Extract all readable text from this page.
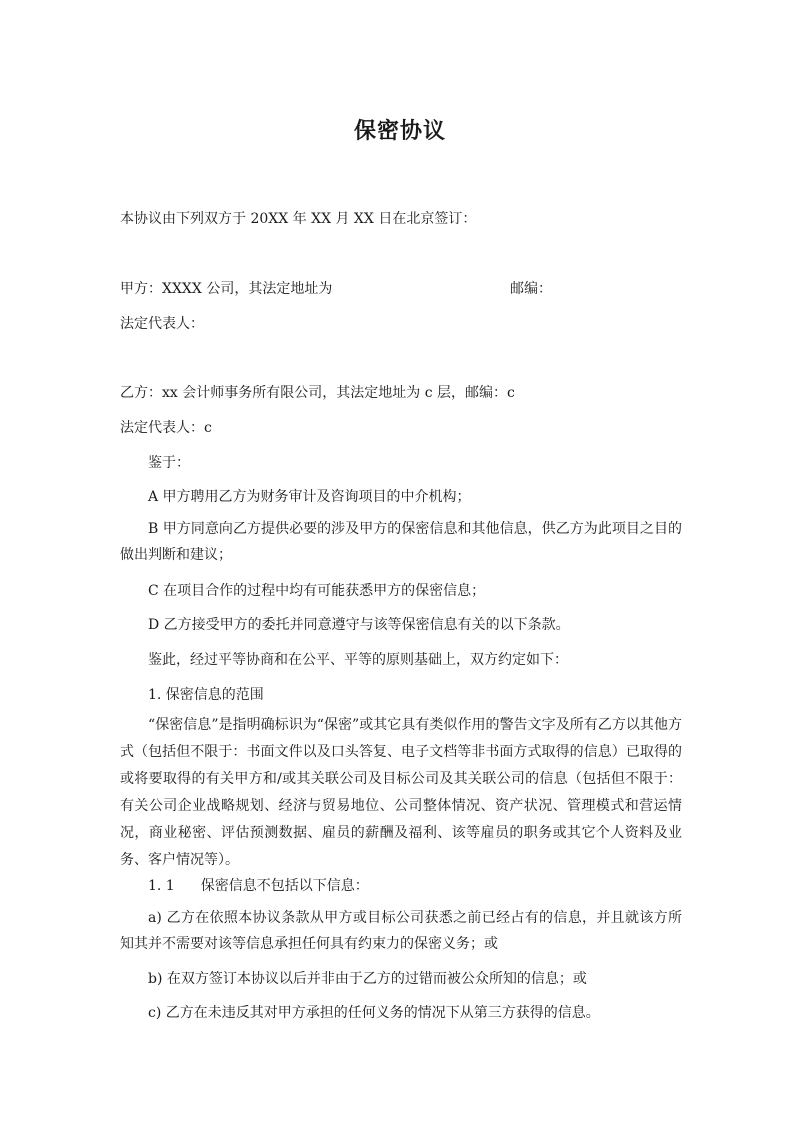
保密协议
本协议由下列双方于 20XX 年 XX 月 XX 日在北京签订：
甲方：XXXX 公司，其法定地址为	邮编：
法定代表人：
乙方：xx 会计师事务所有限公司，其法定地址为 c 层，邮编：c
法定代表人：c
鉴于：
A 甲方聘用乙方为财务审计及咨询项目的中介机构；
B 甲方同意向乙方提供必要的涉及甲方的保密信息和其他信息，供乙方为此项目之目的做出判断和建议；
C 在项目合作的过程中均有可能获悉甲方的保密信息；
D 乙方接受甲方的委托并同意遵守与该等保密信息有关的以下条款。
鉴此，经过平等协商和在公平、平等的原则基础上，双方约定如下：
1. 保密信息的范围
“保密信息”是指明确标识为“保密”或其它具有类似作用的警告文字及所有乙方以其他方式（包括但不限于：书面文件以及口头答复、电子文档等非书面方式取得的信息）已取得的或将要取得的有关甲方和/或其关联公司及目标公司及其关联公司的信息（包括但不限于：有关公司企业战略规划、经济与贸易地位、公司整体情况、资产状况、管理模式和营运情况，商业秘密、评估预测数据、雇员的薪酬及福利、该等雇员的职务或其它个人资料及业务、客户情况等）。
1. 1 保密信息不包括以下信息：
a) 乙方在依照本协议条款从甲方或目标公司获悉之前已经占有的信息，并且就该方所知其并不需要对该等信息承担任何具有约束力的保密义务；或
b) 在双方签订本协议以后并非由于乙方的过错而被公众所知的信息；或
c) 乙方在未违反其对甲方承担的任何义务的情况下从第三方获得的信息。
